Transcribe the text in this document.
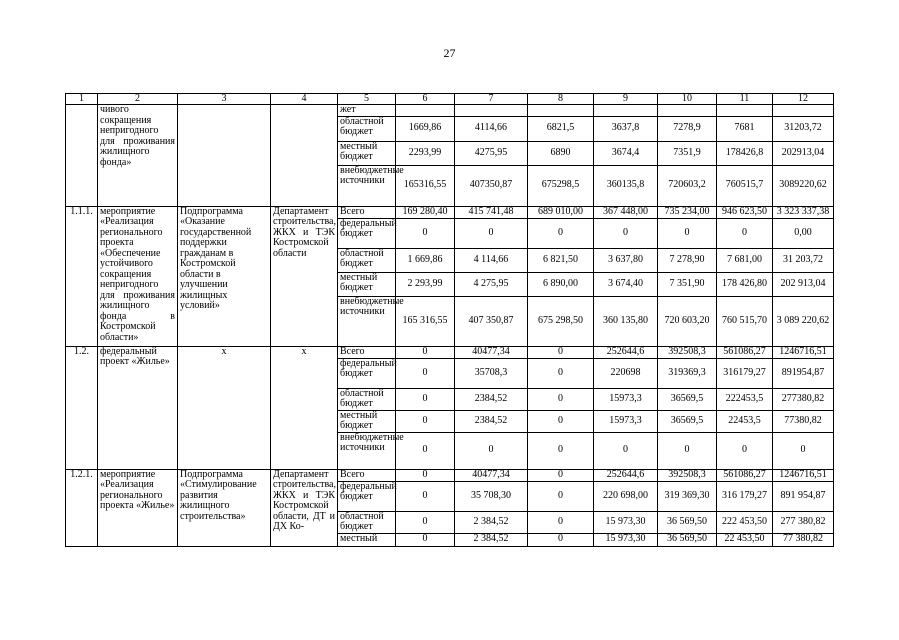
27
1	2	3	4	5	6	7	8	9	10	11	12
	чивого сокращения непригодного для проживания жилищного фонда»			жет							
				областной бюджет	1669,86	4114,66	6821,5	3637,8	7278,9	7681	31203,72
				местный бюджет	2293,99	4275,95	6890	3674,4	7351,9	178426,8	202913,04
				внебюджетные источники	165316,55	407350,87	675298,5	360135,8	720603,2	760515,7	3089220,62
1.1.1.	мероприятие «Реализация регионального проекта «Обеспечение устойчивого сокращения непригодного для проживания жилищного фонда в Костромской области»	Подпрограмма «Оказание государственной поддержки гражданам в Костромской области в улучшении жилищных условий»	Департамент строительства, ЖКХ и ТЭК Костромской области	Всего	169 280,40	415 741,48	689 010,00	367 448,00	735 234,00	946 623,50	3 323 337,38
				федеральный бюджет	0	0	0	0	0	0	0,00
				областной бюджет	1 669,86	4 114,66	6 821,50	3 637,80	7 278,90	7 681,00	31 203,72
				местный бюджет	2 293,99	4 275,95	6 890,00	3 674,40	7 351,90	178 426,80	202 913,04
				внебюджетные источники	165 316,55	407 350,87	675 298,50	360 135,80	720 603,20	760 515,70	3 089 220,62
1.2.	федеральный проект «Жилье»	х	х	Всего	0	40477,34	0	252644,6	392508,3	561086,27	1246716,51
				федеральный бюджет	0	35708,3	0	220698	319369,3	316179,27	891954,87
				областной бюджет	0	2384,52	0	15973,3	36569,5	222453,5	277380,82
				местный бюджет	0	2384,52	0	15973,3	36569,5	22453,5	77380,82
				внебюджетные источники	0	0	0	0	0	0	0
1.2.1.	мероприятие «Реализация регионального проекта «Жилье»	Подпрограмма «Стимулирование развития жилищного строительства»	Департамент строительства, ЖКХ и ТЭК Костромской области, ДТ и ДХ Ко-	Всего	0	40477,34	0	252644,6	392508,3	561086,27	1246716,51
				федеральный бюджет	0	35 708,30	0	220 698,00	319 369,30	316 179,27	891 954,87
				областной бюджет	0	2 384,52	0	15 973,30	36 569,50	222 453,50	277 380,82
				местный	0	2 384,52	0	15 973,30	36 569,50	22 453,50	77 380,82
